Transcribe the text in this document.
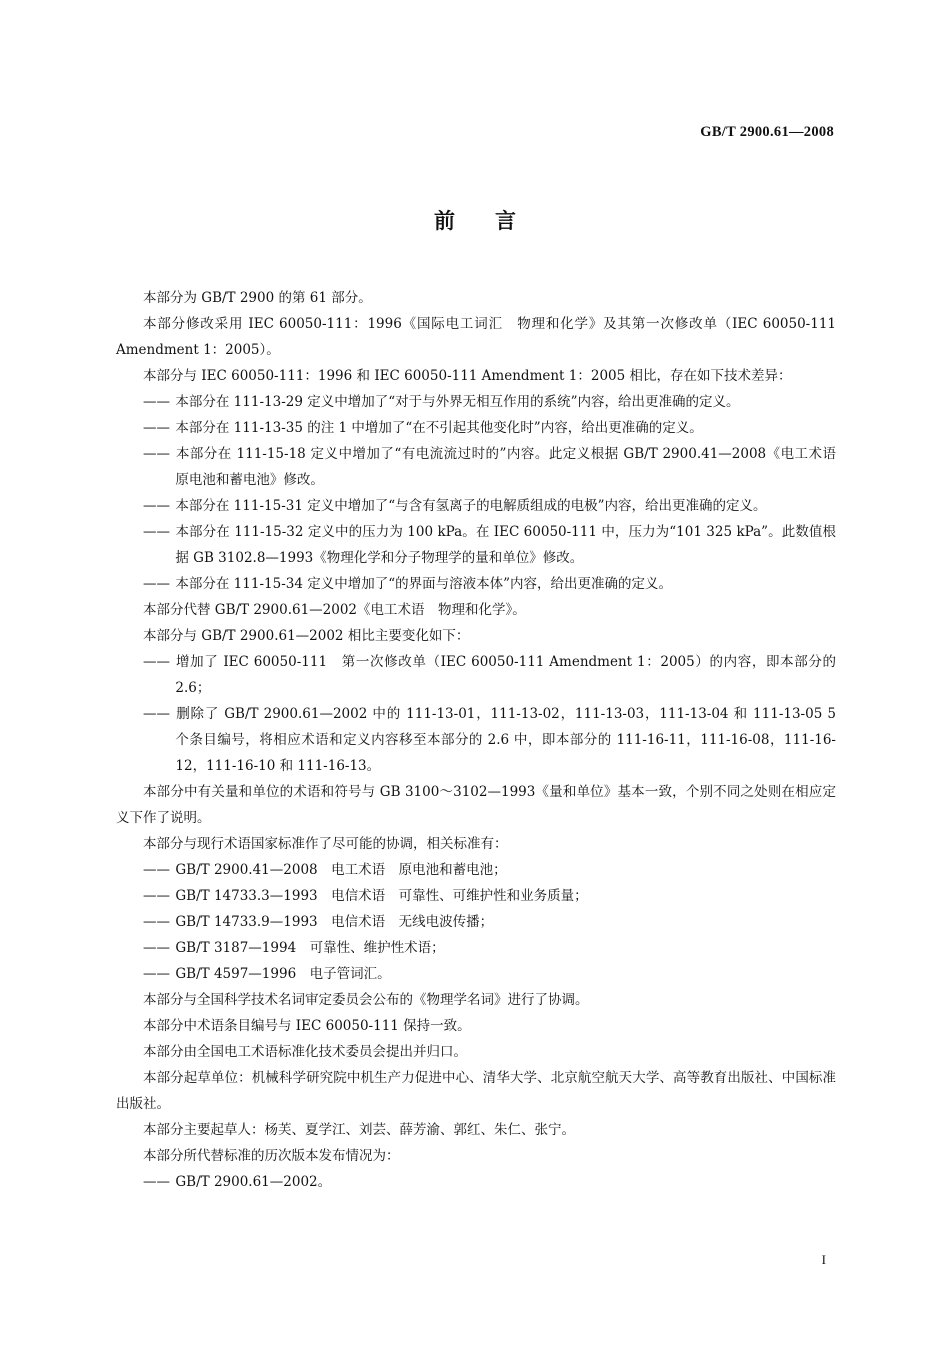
GB/T 2900.61—2008
前言

本部分为 GB/T 2900 的第 61 部分。

本部分修改采用 IEC 60050-111：1996《国际电工词汇　物理和化学》及其第一次修改单（IEC 60050-111 Amendment 1：2005）。

本部分与 IEC 60050-111：1996 和 IEC 60050-111 Amendment 1：2005 相比，存在如下技术差异：

—— 本部分在 111-13-29 定义中增加了“对于与外界无相互作用的系统”内容，给出更准确的定义。

—— 本部分在 111-13-35 的注 1 中增加了“在不引起其他变化时”内容，给出更准确的定义。

—— 本部分在 111-15-18 定义中增加了“有电流流过时的”内容。此定义根据 GB/T 2900.41—2008《电工术语　原电池和蓄电池》修改。

—— 本部分在 111-15-31 定义中增加了“与含有氢离子的电解质组成的电极”内容，给出更准确的定义。

—— 本部分在 111-15-32 定义中的压力为 100 kPa。在 IEC 60050-111 中，压力为“101 325 kPa”。此数值根据 GB 3102.8—1993《物理化学和分子物理学的量和单位》修改。

—— 本部分在 111-15-34 定义中增加了“的界面与溶液本体”内容，给出更准确的定义。

本部分代替 GB/T 2900.61—2002《电工术语　物理和化学》。

本部分与 GB/T 2900.61—2002 相比主要变化如下：

—— 增加了 IEC 60050-111　第一次修改单（IEC 60050-111 Amendment 1：2005）的内容，即本部分的 2.6；

—— 删除了 GB/T 2900.61—2002 中的 111-13-01，111-13-02，111-13-03，111-13-04 和 111-13-05 5 个条目编号，将相应术语和定义内容移至本部分的 2.6 中，即本部分的 111-16-11，111-16-08，111-16-12，111-16-10 和 111-16-13。

本部分中有关量和单位的术语和符号与 GB 3100～3102—1993《量和单位》基本一致，个别不同之处则在相应定义下作了说明。

本部分与现行术语国家标准作了尽可能的协调，相关标准有：

—— GB/T 2900.41—2008　电工术语　原电池和蓄电池；

—— GB/T 14733.3—1993　电信术语　可靠性、可维护性和业务质量；

—— GB/T 14733.9—1993　电信术语　无线电波传播；

—— GB/T 3187—1994　可靠性、维护性术语；

—— GB/T 4597—1996　电子管词汇。

本部分与全国科学技术名词审定委员会公布的《物理学名词》进行了协调。

本部分中术语条目编号与 IEC 60050-111 保持一致。

本部分由全国电工术语标准化技术委员会提出并归口。

本部分起草单位：机械科学研究院中机生产力促进中心、清华大学、北京航空航天大学、高等教育出版社、中国标准出版社。

本部分主要起草人：杨芙、夏学江、刘芸、薛芳渝、郭红、朱仁、张宁。

本部分所代替标准的历次版本发布情况为：

—— GB/T 2900.61—2002。

I
